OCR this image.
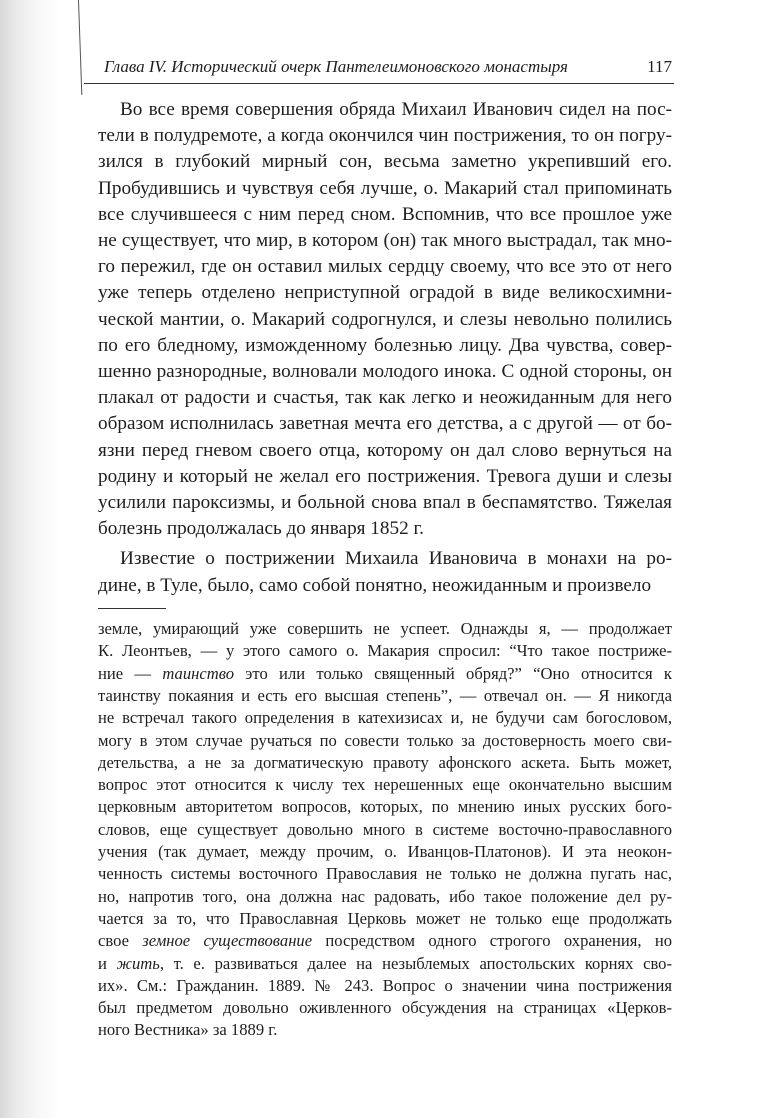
Глава IV. Исторический очерк Пантелеимоновского монастыря	117
Во все время совершения обряда Михаил Иванович сидел на пос-
тели в полудремоте, а когда окончился чин пострижения, то он погру-
зился в глубокий мирный сон, весьма заметно укрепивший его.
Пробудившись и чувствуя себя лучше, о. Макарий стал припоминать
все случившееся с ним перед сном. Вспомнив, что все прошлое уже
не существует, что мир, в котором (он) так много выстрадал, так мно-
го пережил, где он оставил милых сердцу своему, что все это от него
уже теперь отделено неприступной оградой в виде великосхимни-
ческой мантии, о. Макарий содрогнулся, и слезы невольно полились
по его бледному, изможденному болезнью лицу. Два чувства, совер-
шенно разнородные, волновали молодого инока. С одной стороны, он
плакал от радости и счастья, так как легко и неожиданным для него
образом исполнилась заветная мечта его детства, а с другой — от бо-
язни перед гневом своего отца, которому он дал слово вернуться на
родину и который не желал его пострижения. Тревога души и слезы
усилили пароксизмы, и больной снова впал в беспамятство. Тяжелая
болезнь продолжалась до января 1852 г.
Известие о пострижении Михаила Ивановича в монахи на ро-
дине, в Туле, было, само собой понятно, неожиданным и произвело
земле, умирающий уже совершить не успеет. Однажды я, — продолжает
К. Леонтьев, — у этого самого о. Макария спросил: “Что такое постриже-
ние — таинство это или только священный обряд?” “Оно относится к
таинству покаяния и есть его высшая степень”, — отвечал он. — Я никогда
не встречал такого определения в катехизисах и, не будучи сам богословом,
могу в этом случае ручаться по совести только за достоверность моего сви-
детельства, а не за догматическую правоту афонского аскета. Быть может,
вопрос этот относится к числу тех нерешенных еще окончательно высшим
церковным авторитетом вопросов, которых, по мнению иных русских бого-
словов, еще существует довольно много в системе восточно-православного
учения (так думает, между прочим, о. Иванцов-Платонов). И эта неокон-
ченность системы восточного Православия не только не должна пугать нас,
но, напротив того, она должна нас радовать, ибо такое положение дел ру-
чается за то, что Православная Церковь может не только еще продолжать
свое земное существование посредством одного строгого охранения, но
и жить, т. е. развиваться далее на незыблемых апостольских корнях сво-
их». См.: Гражданин. 1889. № 243. Вопрос о значении чина пострижения
был предметом довольно оживленного обсуждения на страницах «Церков-
ного Вестника» за 1889 г.
